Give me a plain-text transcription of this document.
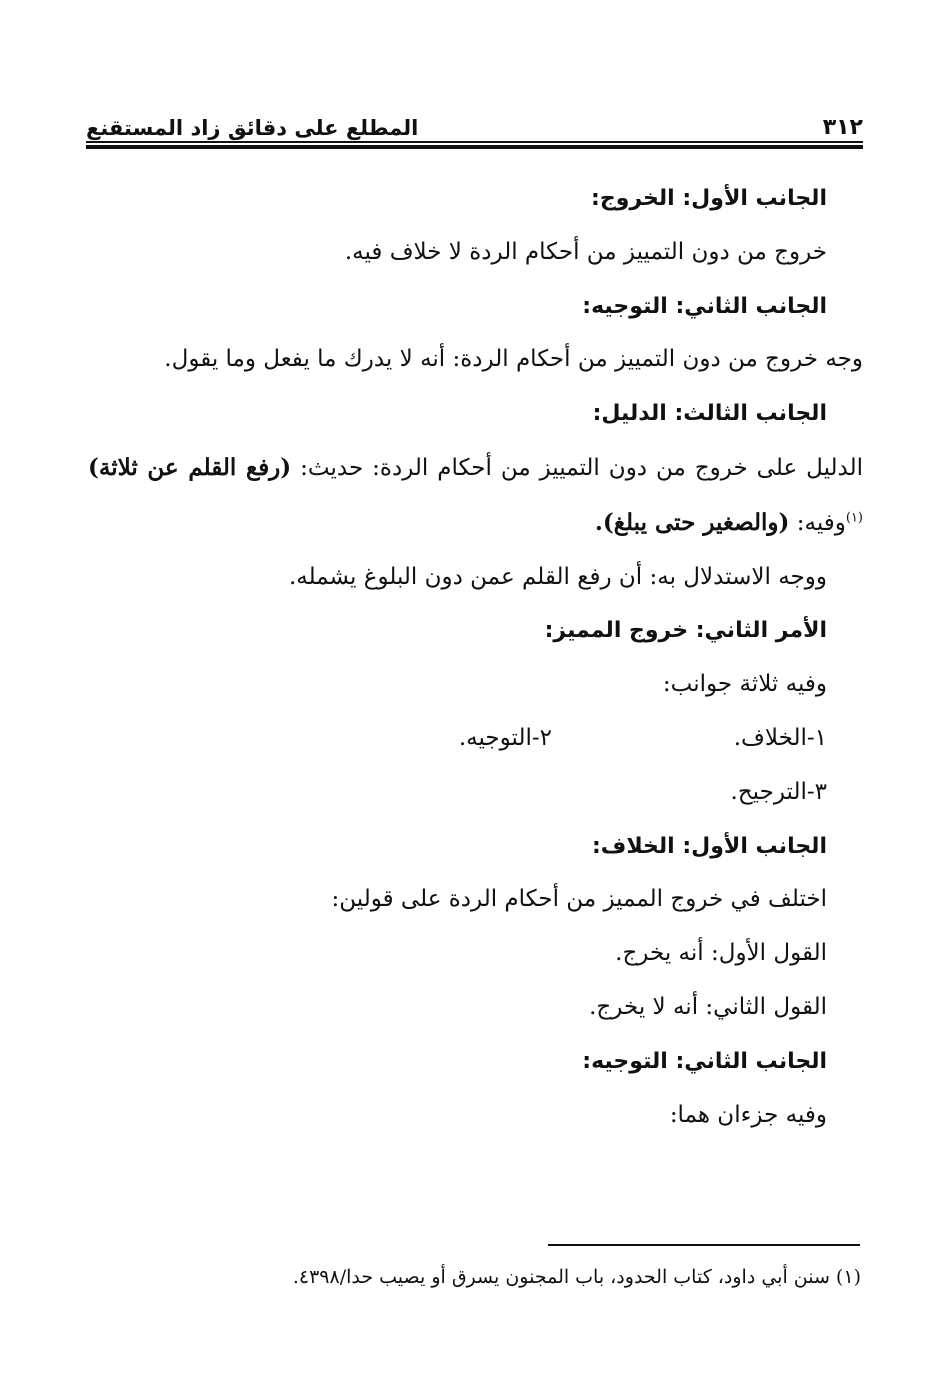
المطلع على دقائق زاد المستقنع	٣١٢

الجانب الأول: الخروج:

خروج من دون التمييز من أحكام الردة لا خلاف فيه.

الجانب الثاني: التوجيه:

وجه خروج من دون التمييز من أحكام الردة: أنه لا يدرك ما يفعل وما يقول.

الجانب الثالث: الدليل:

الدليل على خروج من دون التمييز من أحكام الردة: حديث: (رفع القلم عن ثلاثة)$^{(١)}$وفيه: (والصغير حتى يبلغ).

ووجه الاستدلال به: أن رفع القلم عمن دون البلوغ يشمله.

الأمر الثاني: خروج المميز:

وفيه ثلاثة جوانب:

١-الخلاف.
٢-التوجيه.

٣-الترجيح.

الجانب الأول: الخلاف:

اختلف في خروج المميز من أحكام الردة على قولين:

القول الأول: أنه يخرج.

القول الثاني: أنه لا يخرج.

الجانب الثاني: التوجيه:

وفيه جزءان هما:

(١) سنن أبي داود، كتاب الحدود، باب المجنون يسرق أو يصيب حدا/٤٣٩٨.
